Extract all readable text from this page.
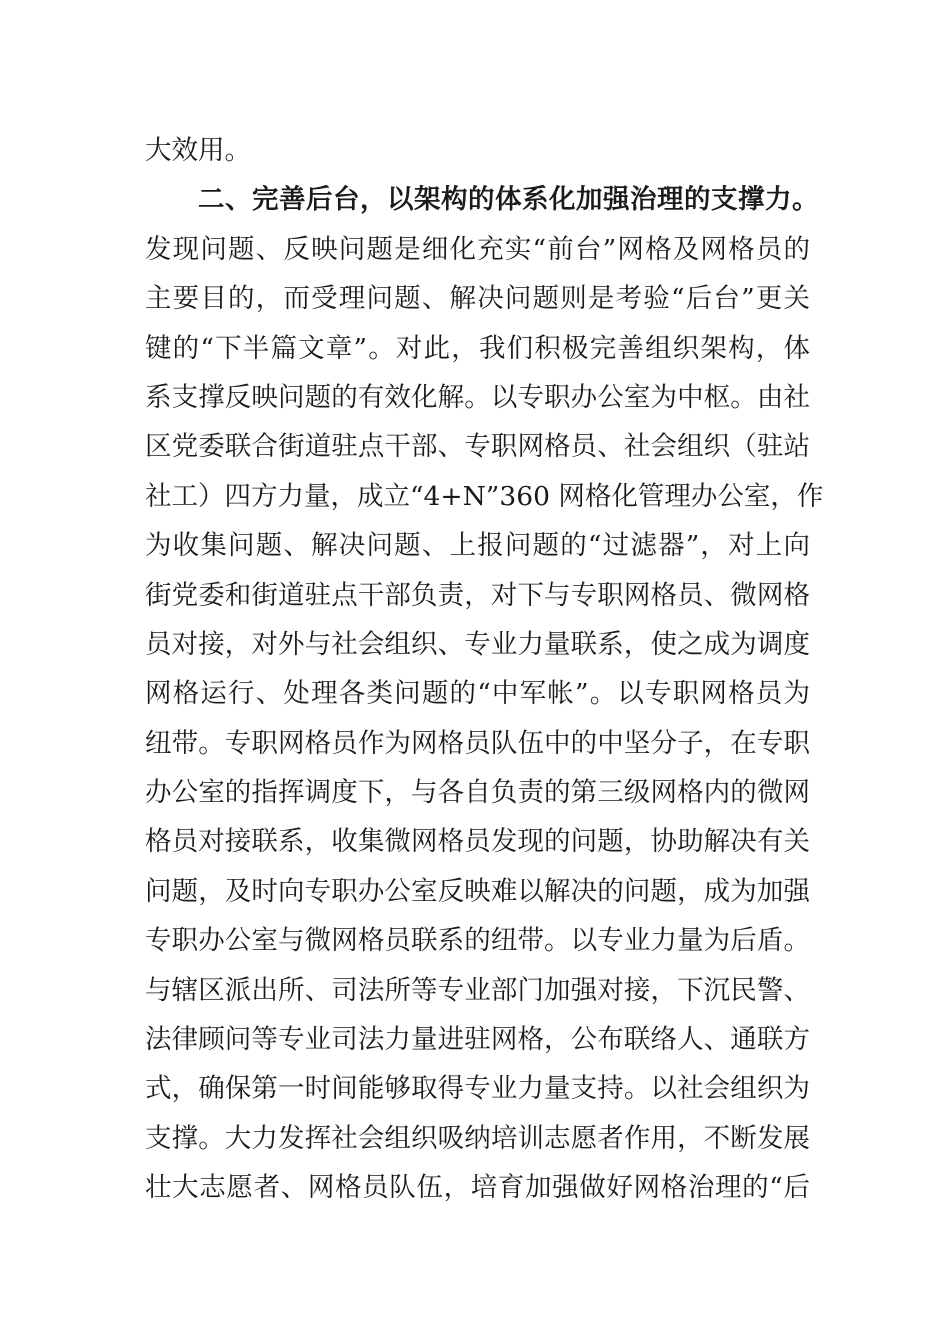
大效用。
二、完善后台，以架构的体系化加强治理的支撑力。
发现问题、反映问题是细化充实“前台”网格及网格员的
主要目的，而受理问题、解决问题则是考验“后台”更关
键的“下半篇文章”。对此，我们积极完善组织架构，体
系支撑反映问题的有效化解。以专职办公室为中枢。由社
区党委联合街道驻点干部、专职网格员、社会组织（驻站
社工）四方力量，成立“4+N”360 网格化管理办公室，作
为收集问题、解决问题、上报问题的“过滤器”，对上向
街党委和街道驻点干部负责，对下与专职网格员、微网格
员对接，对外与社会组织、专业力量联系，使之成为调度
网格运行、处理各类问题的“中军帐”。以专职网格员为
纽带。专职网格员作为网格员队伍中的中坚分子，在专职
办公室的指挥调度下，与各自负责的第三级网格内的微网
格员对接联系，收集微网格员发现的问题，协助解决有关
问题，及时向专职办公室反映难以解决的问题，成为加强
专职办公室与微网格员联系的纽带。以专业力量为后盾。
与辖区派出所、司法所等专业部门加强对接，下沉民警、
法律顾问等专业司法力量进驻网格，公布联络人、通联方
式，确保第一时间能够取得专业力量支持。以社会组织为
支撑。大力发挥社会组织吸纳培训志愿者作用，不断发展
壮大志愿者、网格员队伍，培育加强做好网格治理的“后
